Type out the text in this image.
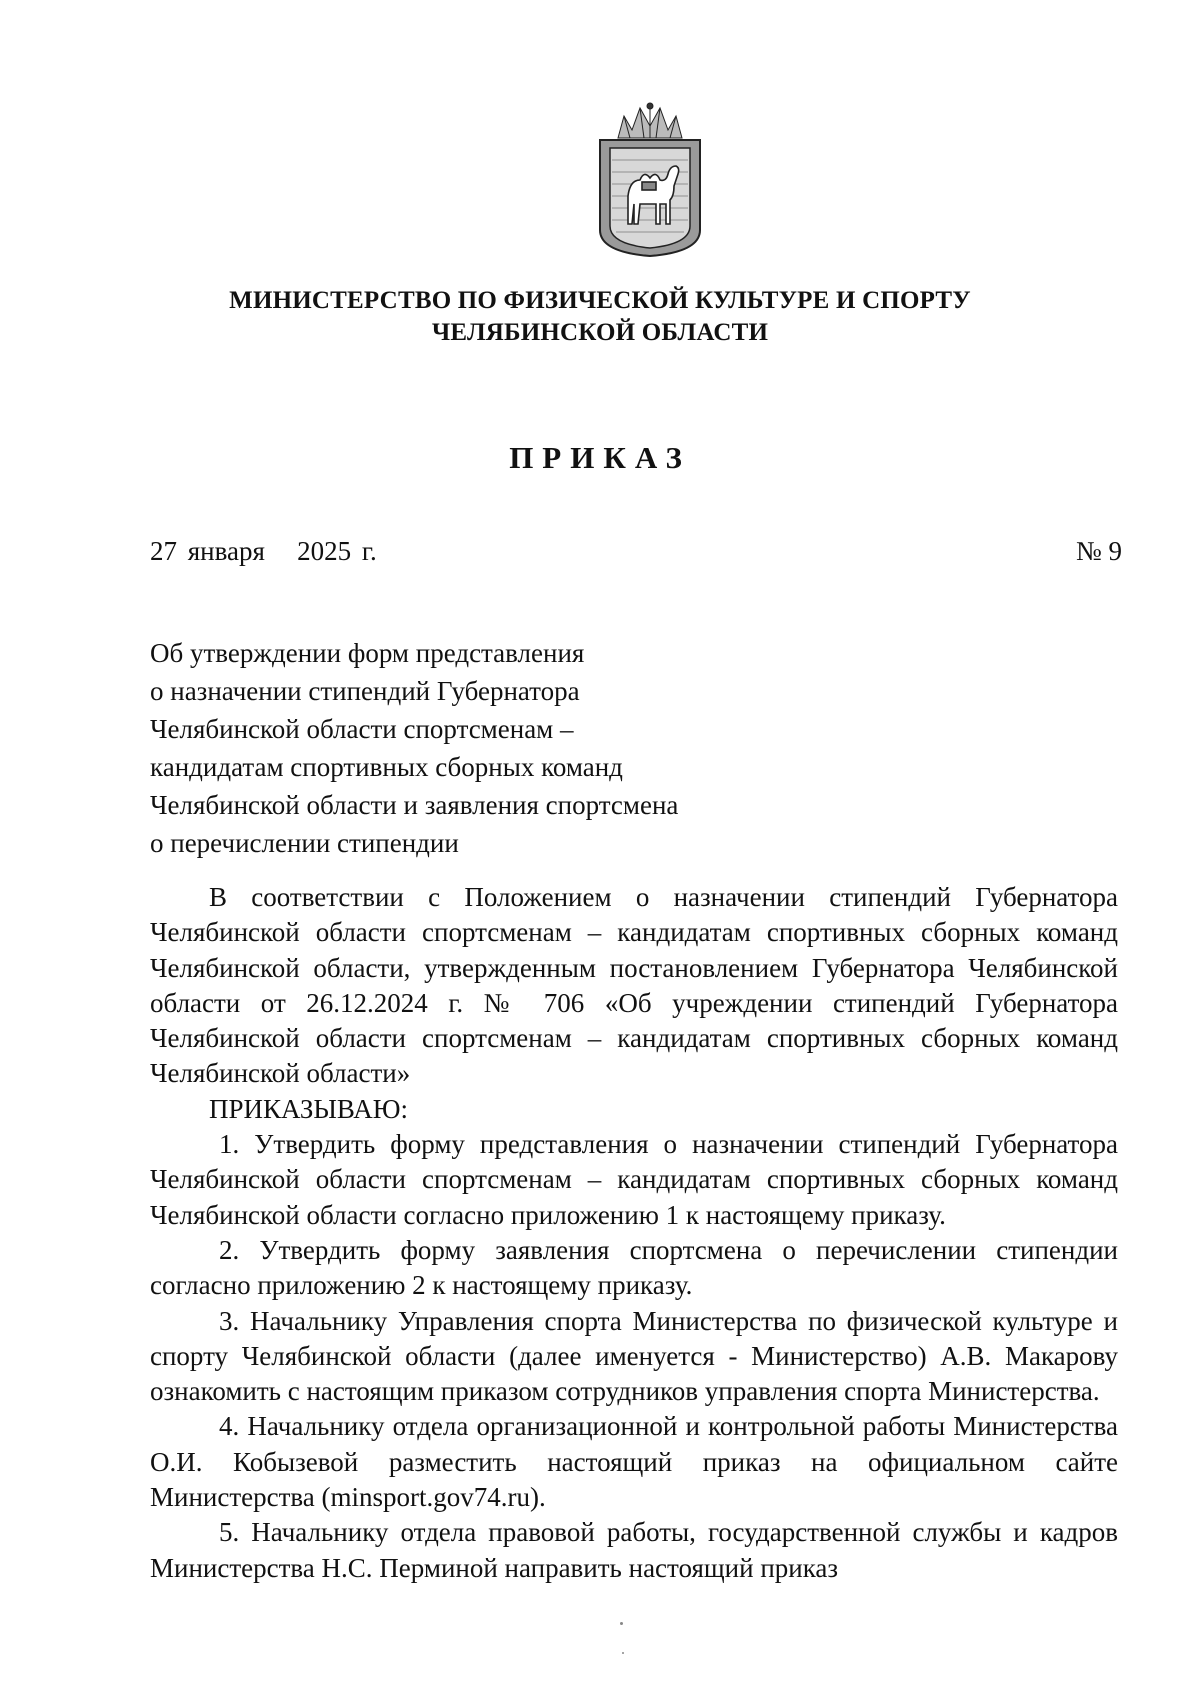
МИНИСТЕРСТВО ПО ФИЗИЧЕСКОЙ КУЛЬТУРЕ И СПОРТУ
ЧЕЛЯБИНСКОЙ ОБЛАСТИ
ПРИКАЗ
27 января   2025 г.	№ 9
Об утверждении форм представления
о назначении стипендий Губернатора
Челябинской области спортсменам –
кандидатам спортивных сборных команд
Челябинской области и заявления спортсмена
о перечислении стипендии

В соответствии с Положением о назначении стипендий Губернатора Челябинской области спортсменам – кандидатам спортивных сборных команд Челябинской области, утвержденным постановлением Губернатора Челябинской области от 26.12.2024 г. № 706 «Об учреждении стипендий Губернатора Челябинской области спортсменам – кандидатам спортивных сборных команд Челябинской области»

ПРИКАЗЫВАЮ:

1. Утвердить форму представления о назначении стипендий Губернатора Челябинской области спортсменам – кандидатам спортивных сборных команд Челябинской области согласно приложению 1 к настоящему приказу.

2. Утвердить форму заявления спортсмена о перечислении стипендии согласно приложению 2 к настоящему приказу.

3. Начальнику Управления спорта Министерства по физической культуре и спорту Челябинской области (далее именуется - Министерство) А.В. Макарову ознакомить с настоящим приказом сотрудников управления спорта Министерства.

4. Начальнику отдела организационной и контрольной работы Министерства О.И. Кобызевой разместить настоящий приказ на официальном сайте Министерства (minsport.gov74.ru).

5. Начальнику отдела правовой работы, государственной службы и кадров Министерства Н.С. Перминой направить настоящий приказ
